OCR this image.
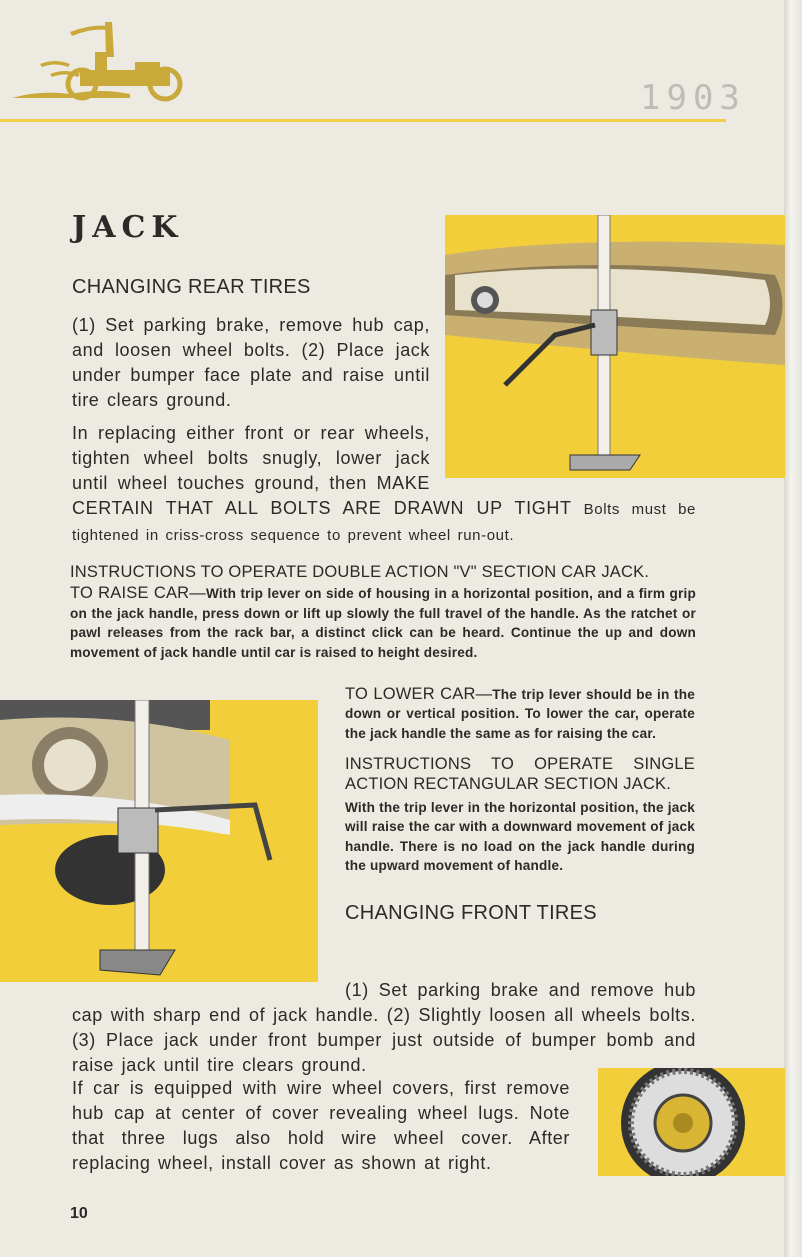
1903
JACK
CHANGING REAR TIRES

(1) Set parking brake, remove hub cap, and loosen wheel bolts. (2) Place jack under bumper face plate and raise until tire clears ground.

In replacing either front or rear wheels, tighten wheel bolts snugly, lower jack until wheel touches ground, then MAKE CERTAIN THAT ALL BOLTS ARE DRAWN UP TIGHT Bolts must be tightened in criss-cross sequence to prevent wheel run-out.

INSTRUCTIONS TO OPERATE DOUBLE ACTION "V" SECTION CAR JACK.

TO RAISE CAR—With trip lever on side of housing in a horizontal position, and a firm grip on the jack handle, press down or lift up slowly the full travel of the handle. As the ratchet or pawl releases from the rack bar, a distinct click can be heard. Continue the up and down movement of jack handle until car is raised to height desired.

TO LOWER CAR—The trip lever should be in the down or vertical position. To lower the car, operate the jack handle the same as for raising the car.

INSTRUCTIONS TO OPERATE SINGLE ACTION RECTANGULAR SECTION JACK.

With the trip lever in the horizontal position, the jack will raise the car with a downward movement of jack handle. There is no load on the jack handle during the upward movement of handle.

CHANGING FRONT TIRES

(1) Set parking brake and remove hub cap with sharp end of jack handle. (2) Slightly loosen all wheels bolts. (3) Place jack under front bumper just outside of bumper bomb and raise jack until tire clears ground.

If car is equipped with wire wheel covers, first remove hub cap at center of cover revealing wheel lugs. Note that three lugs also hold wire wheel cover. After replacing wheel, install cover as shown at right.

10
